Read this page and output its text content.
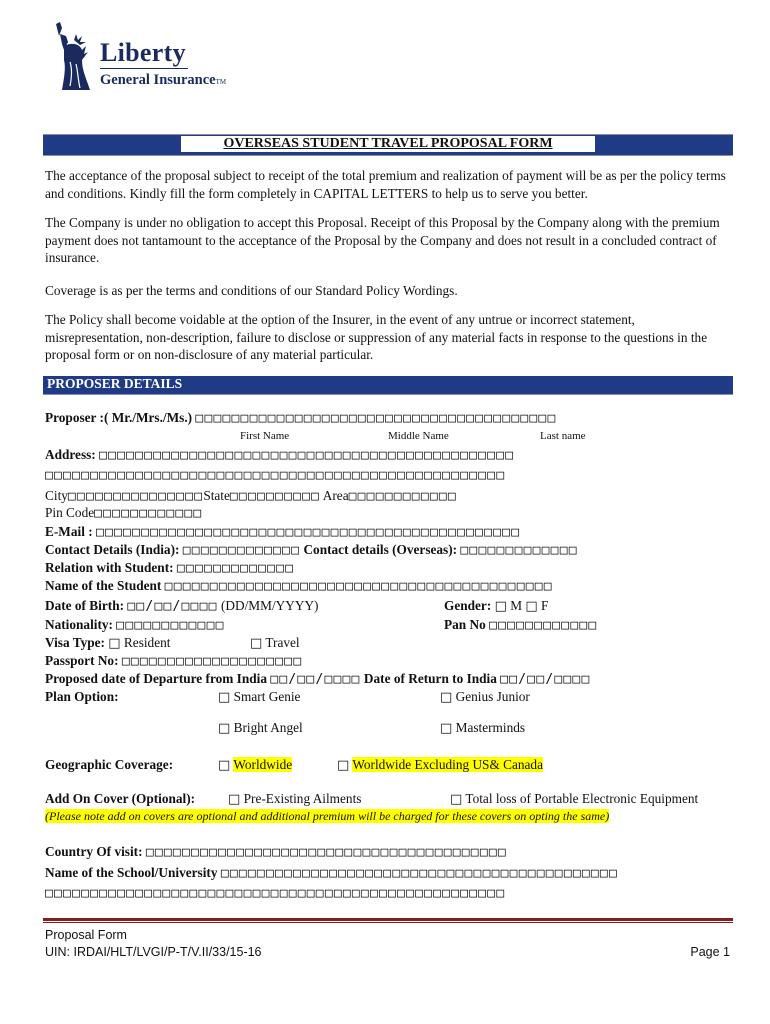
Liberty
General InsuranceTM
OVERSEAS STUDENT TRAVEL PROPOSAL FORM
The acceptance of the proposal subject to receipt of the total premium and realization of payment will be as per the policy terms and conditions. Kindly fill the form completely in CAPITAL LETTERS to help us to serve you better.
The Company is under no obligation to accept this Proposal. Receipt of this Proposal by the Company along with the premium payment does not tantamount to the acceptance of the Proposal by the Company and does not result in a concluded contract of insurance.
Coverage is as per the terms and conditions of our Standard Policy Wordings.
The Policy shall become voidable at the option of the Insurer, in the event of any untrue or incorrect statement, misrepresentation, non-description, failure to disclose or suppression of any material facts in response to the questions in the proposal form or on non-disclosure of any material particular.
PROPOSER DETAILS
Proposer :( Mr./Mrs./Ms.) □□□□□□□□□□□□□□□□□□□□□□□□□□□□□□□□□□□□□□□□
First Name	Middle Name	Last name
Address: □□□□□□□□□□□□□□□□□□□□□□□□□□□□□□□□□□□□□□□□□□□□□□
□□□□□□□□□□□□□□□□□□□□□□□□□□□□□□□□□□□□□□□□□□□□□□□□□□□
City□□□□□□□□□□□□□□□State□□□□□□□□□□ Area□□□□□□□□□□□□
Pin Code□□□□□□□□□□□□
E-Mail : □□□□□□□□□□□□□□□□□□□□□□□□□□□□□□□□□□□□□□□□□□□□□□□
Contact Details (India): □□□□□□□□□□□□□ Contact details (Overseas): □□□□□□□□□□□□□
Relation with Student: □□□□□□□□□□□□□
Name of the Student □□□□□□□□□□□□□□□□□□□□□□□□□□□□□□□□□□□□□□□□□□□
Date of Birth: □□/□□/□□□□ (DD/MM/YYYY)	Gender: □ M □ F
Nationality: □□□□□□□□□□□□	Pan No □□□□□□□□□□□□
Visa Type: □ Resident	□ Travel
Passport No: □□□□□□□□□□□□□□□□□□□□
Proposed date of Departure from India □□/□□/□□□□ Date of Return to India □□/□□/□□□□
Plan Option:	□ Smart Genie	□ Genius Junior
□ Bright Angel	□ Masterminds
Geographic Coverage:	□ Worldwide	□ Worldwide Excluding US& Canada
Add On Cover (Optional):	□ Pre-Existing Ailments	□ Total loss of Portable Electronic Equipment
(Please note add on covers are optional and additional premium will be charged for these covers on opting the same)
Country Of visit: □□□□□□□□□□□□□□□□□□□□□□□□□□□□□□□□□□□□□□□□
Name of the School/University □□□□□□□□□□□□□□□□□□□□□□□□□□□□□□□□□□□□□□□□□□□□
□□□□□□□□□□□□□□□□□□□□□□□□□□□□□□□□□□□□□□□□□□□□□□□□□□□
Proposal Form
UIN: IRDAI/HLT/LVGI/P-T/V.II/33/15-16	Page 1
